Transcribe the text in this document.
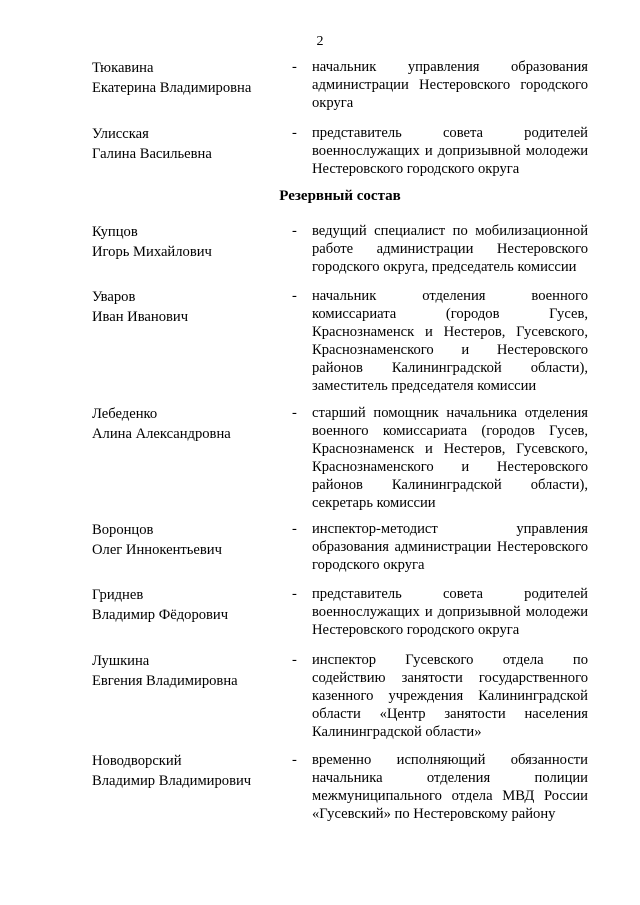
2
Тюкавина
Екатерина Владимировна
- начальник управления образования администрации Нестеровского городского округа
Улисская
Галина Васильевна
- представитель совета родителей военнослужащих и допризывной молодежи Нестеровского городского округа
Резервный состав
Купцов
Игорь Михайлович
- ведущий специалист по мобилизационной работе администрации Нестеровского городского округа, председатель комиссии
Уваров
Иван Иванович
- начальник отделения военного комиссариата (городов Гусев, Краснознаменск и Нестеров, Гусевского, Краснознаменского и Нестеровского районов Калининградской области), заместитель председателя комиссии
Лебеденко
Алина Александровна
- старший помощник начальника отделения военного комиссариата (городов Гусев, Краснознаменск и Нестеров, Гусевского, Краснознаменского и Нестеровского районов Калининградской области), секретарь комиссии
Воронцов
Олег Иннокентьевич
- инспектор-методист управления образования администрации Нестеровского городского округа
Гриднев
Владимир Фёдорович
- представитель совета родителей военнослужащих и допризывной молодежи Нестеровского городского округа
Лушкина
Евгения Владимировна
- инспектор Гусевского отдела по содействию занятости государственного казенного учреждения Калининградской области «Центр занятости населения Калининградской области»
Новодворский
Владимир Владимирович
- временно исполняющий обязанности начальника отделения полиции межмуниципального отдела МВД России «Гусевский» по Нестеровскому району
